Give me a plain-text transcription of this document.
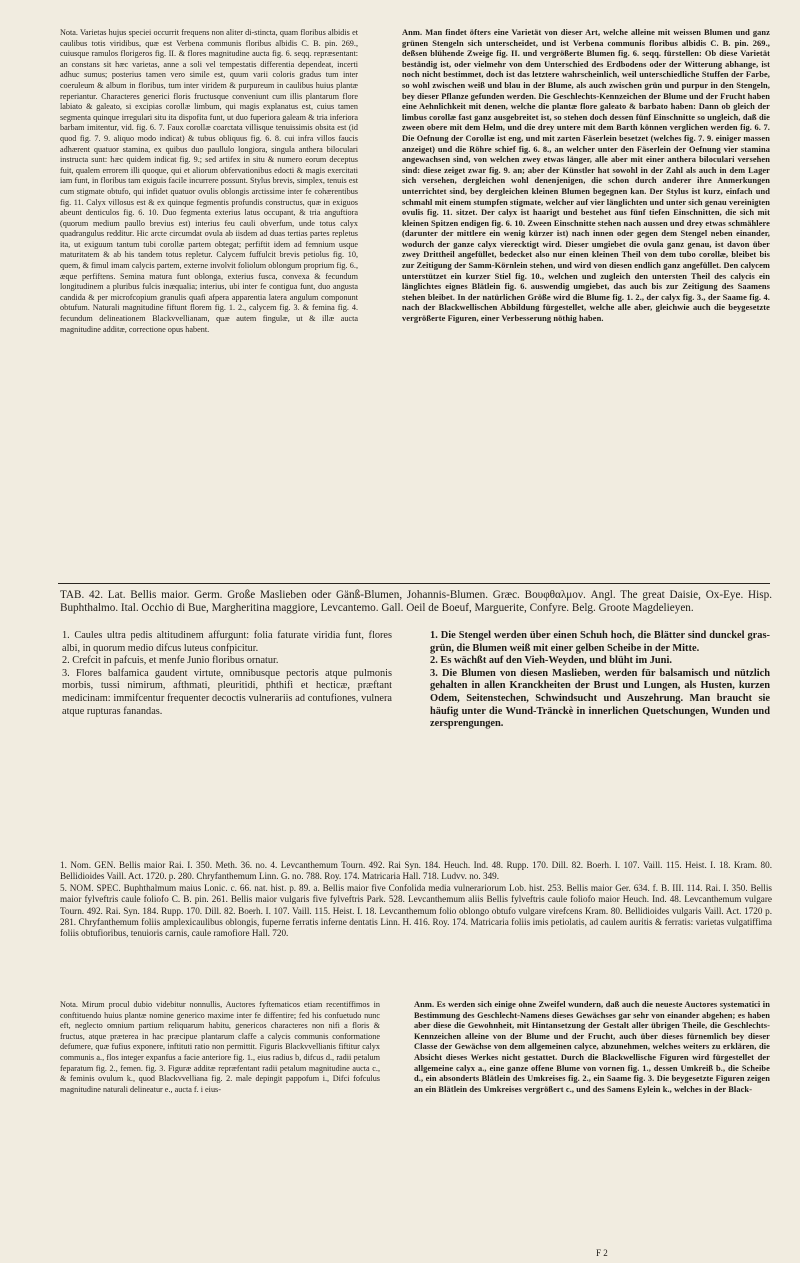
Nota. Varietas hujus speciei occurrit frequens non aliter di-stincta, quam floribus albidis et caulibus totis viridibus, quæ est Verbena communis floribus albidis C. B. pin. 269., cuiusque ramulos florigeros fig. II. & flores magnitudine aucta fig. 6. seqq. repræsentant: an constans sit hæc varietas, anne a soli vel tempestatis differentia dependeat, incerti adhuc sumus; posterius tamen vero simile est, quum varii coloris gradus tum inter coeruleum & album in floribus, tum inter viridem & purpureum in caulibus huius plantæ reperiantur. Characteres generici floris fructusque conveniunt cum illis plantarum flore labiato & galeato, si excipias corollæ limbum, qui magis explanatus est, cuius tamen segmenta quinque irregulari situ ita dispofita funt, ut duo fuperiora galeam & tria inferiora barbam imitentur, vid. fig. 6. 7. Faux corollæ coarctata villisque tenuissimis obsita est (id quod fig. 7. 9. aliquo modo indicat) & tubus obliquus fig. 6. 8. cui infra villos faucis adhærent quatuor stamina, ex quibus duo paullulo longiora, singula anthera biloculari instructa sunt: hæc quidem indicat fig. 9.; sed artifex in situ & numero eorum deceptus fuit, qualem errorem illi quoque, qui et aliorum obfervationibus edocti & magis exercitati iam funt, in floribus tam exiguis facile incurrere possunt. Stylus brevis, simplex, tenuis est cum stigmate obtufo, qui infidet quatuor ovulis oblongis arctissime inter fe cohærentibus fig. 11. Calyx villosus est & ex quinque fegmentis profundis constructus, quæ in exiguos abeunt denticulos fig. 6. 10. Duo fegmenta exterius latus occupant, & tria anguftiora (quorum medium paullo brevius est) interius feu cauli obverfum, unde totus calyx quadrangulus redditur. Hic arcte circumdat ovula ab iisdem ad duas tertias partes repletus ita, ut exiguum tantum tubi corollæ partem obtegat; perfiftit idem ad femnium usque maturitatem & ab his tandem totus repletur. Calycem fuffulcit brevis petiolus fig. 10, quem, & fimul imam calycis partem, externe involvit foliolum oblongum proprium fig. 6., æque perfiftens. Semina matura funt oblonga, exterius fusca, convexa & fecundum longitudinem a pluribus fulcis inæqualia; interius, ubi inter fe contigua funt, duo angusta candida & per microfcopium granulis quafi afpera apparentia latera angulum componunt obtufum. Naturali magnitudine fiftunt florem fig. 1. 2., calycem fig. 3. & femina fig. 4. fecundum delineationem Blackvvellianam, quæ autem fingulæ, ut & illæ aucta magnitudine additæ, correctione opus habent.

Anm. Man findet öfters eine Varietät von dieser Art, welche alleine mit weissen Blumen und ganz grünen Stengeln sich unterscheidet, und ist Verbena communis floribus albidis C. B. pin. 269., deßsen blühende Zweige fig. II. und vergrößerte Blumen fig. 6. seqq. fürstellen: Ob diese Varietät beständig ist, oder vielmehr von dem Unterschied des Erdbodens oder der Witterung abhange, ist noch nicht bestimmet, doch ist das letztere wahrscheinlich, weil unterschiedliche Stuffen der Farbe, so wohl zwischen weiß und blau in der Blume, als auch zwischen grün und purpur in den Stengeln, bey dieser Pflanze gefunden werden. Die Geschlechts-Kennzeichen der Blume und der Frucht haben eine Aehnlichkeit mit denen, welche die plantæ flore galeato & barbato haben: Dann ob gleich der limbus corollæ fast ganz ausgebreitet ist, so stehen doch dessen fünf Einschnitte so ungleich, daß die zween obere mit dem Helm, und die drey untere mit dem Barth können verglichen werden fig. 6. 7. Die Oefnung der Corollæ ist eng, und mit zarten Fäserlein besetzet (welches fig. 7. 9. einiger massen anzeiget) und die Röhre schief fig. 6. 8., an welcher unter den Fäserlein der Oefnung vier stamina angewachsen sind, von welchen zwey etwas länger, alle aber mit einer anthera biloculari versehen sind: diese zeiget zwar fig. 9. an; aber der Künstler hat sowohl in der Zahl als auch in dem Lager sich versehen, dergleichen wohl denenjenigen, die schon durch anderer ihre Anmerkungen unterrichtet sind, bey dergleichen kleinen Blumen begegnen kan. Der Stylus ist kurz, einfach und schmahl mit einem stumpfen stigmate, welcher auf vier länglichten und unter sich genau vereinigten ovulis fig. 11. sitzet. Der calyx ist haarigt und bestehet aus fünf tiefen Einschnitten, die sich mit kleinen Spitzen endigen fig. 6. 10. Zween Einschnitte stehen nach aussen und drey etwas schmählere (darunter der mittlere ein wenig kürzer ist) nach innen oder gegen dem Stengel neben einander, wodurch der ganze calyx vierecktigt wird. Dieser umgiebet die ovula ganz genau, ist davon über zwey Drittheil angefüllet, bedecket also nur einen kleinen Theil von dem tubo corollæ, bleibet bis zur Zeitigung der Samm-Körnlein stehen, und wird von diesen endlich ganz angefüllet. Den calycem unterstützet ein kurzer Stiel fig. 10., welchen und zugleich den untersten Theil des calycis ein länglichtes eignes Blätlein fig. 6. auswendig umgiebet, das auch bis zur Zeitigung des Saamens stehen bleibet. In der natürlichen Größe wird die Blume fig. 1. 2., der calyx fig. 3., der Saame fig. 4. nach der Blackwellischen Abbildung fürgestellet, welche alle aber, gleichwie auch die beygesetzte vergrößerte Figuren, einer Verbesserung nöthig haben.

TAB. 42. Lat. Bellis maior. Germ. Große Maslieben oder Gänß-Blumen, Johannis-Blumen. Græc. Βουφθαλμον. Angl. The great Daisie, Ox-Eye. Hisp. Buphthalmo. Ital. Occhio di Bue, Margheritina maggiore, Levcantemo. Gall. Oeil de Boeuf, Marguerite, Confyre. Belg. Groote Magdelieyen.

1. Caules ultra pedis altitudinem affurgunt: folia faturate viridia funt, flores albi, in quorum medio difcus luteus confpicitur.

2. Crefcit in pafcuis, et menfe Junio floribus ornatur.

3. Flores balfamica gaudent virtute, omnibusque pectoris atque pulmonis morbis, tussi nimirum, afthmati, pleuritidi, phthifi et hecticæ, præftant medicinam: immifcentur frequenter decoctis vulnerariis ad contufiones, vulnera atque rupturas fanandas.

1. Die Stengel werden über einen Schuh hoch, die Blätter sind dunckel gras-grün, die Blumen weiß mit einer gelben Scheibe in der Mitte.

2. Es wächßt auf den Vieh-Weyden, und blüht im Juni.

3. Die Blumen von diesen Maslieben, werden für balsamisch und nützlich gehalten in allen Kranckheiten der Brust und Lungen, als Husten, kurzen Odem, Seitenstechen, Schwindsucht und Auszehrung. Man braucht sie häufig unter die Wund-Tränckè in innerlichen Quetschungen, Wunden und zersprengungen.

1. Nom. GEN. Bellis maior Rai. I. 350. Meth. 36. no. 4. Levcanthemum Tourn. 492. Rai Syn. 184. Heuch. Ind. 48. Rupp. 170. Dill. 82. Boerh. I. 107. Vaill. 115. Heist. I. 18. Kram. 80. Bellidioides Vaill. Act. 1720. p. 280. Chryfanthemum Linn. G. no. 788. Roy. 174. Matricaria Hall. 718. Ludvv. no. 349.

5. NOM. SPEC. Buphthalmum maius Lonic. c. 66. nat. hist. p. 89. a. Bellis maior five Confolida media vulnerariorum Lob. hist. 253. Bellis maior Ger. 634. f. B. III. 114. Rai. I. 350. Bellis maior fylveftris caule foliofo C. B. pin. 261. Bellis maior vulgaris five fylveftris Park. 528. Levcanthemum aliis Bellis fylveftris caule foliofo maior Heuch. Ind. 48. Levcanthemum vulgare Tourn. 492. Rai. Syn. 184. Rupp. 170. Dill. 82. Boerh. I. 107. Vaill. 115. Heist. I. 18. Levcanthemum folio oblongo obtufo vulgare virefcens Kram. 80. Bellidioides vulgaris Vaill. Act. 1720 p. 281. Chryfanthemum foliis amplexicaulibus oblongis, fuperne ferratis inferne dentatis Linn. H. 416. Roy. 174. Matricaria foliis imis petiolatis, ad caulem auritis & ferratis: varietas vulgatiffima foliis obtufioribus, tenuioris carnis, caule ramofiore Hall. 720.

Nota. Mirum procul dubio videbitur nonnullis, Auctores fyftematicos etiam recentiffimos in conftituendo huius plantæ nomine generico maxime inter fe diffentire; fed his confuetudo nunc eft, neglecto omnium partium reliquarum habitu, genericos characteres non nifi a floris & fructus, atque præterea in hac præcipue plantarum claffe a calycis communis conformatione defumere, quæ fufius exponere, inftituti ratio non permittit. Figuris Blackvvellianis fiftitur calyx communis a., flos integer expanfus a facie anteriore fig. 1., eius radius b, difcus d., radii petalum feparatum fig. 2., femen. fig. 3. Figuræ additæ repræfentant radii petalum magnitudine aucta c., & feminis ovulum k., quod Blackvvelliana fig. 2. male depingit pappofum i., Difci fofculus magnitudine naturali delineatur e., aucta f. i eius-

Anm. Es werden sich einige ohne Zweifel wundern, daß auch die neueste Auctores systematici in Bestimmung des Geschlecht-Namens dieses Gewächses gar sehr von einander abgehen; es haben aber diese die Gewohnheit, mit Hintansetzung der Gestalt aller übrigen Theile, die Geschlechts-Kennzeichen alleine von der Blume und der Frucht, auch über dieses fürnemlich bey dieser Classe der Gewächse von dem allgemeinen calyce, abzunehmen, welches weiters zu erklären, die Absicht dieses Werkes nicht gestattet. Durch die Blackwellische Figuren wird fürgestellet der allgemeine calyx a., eine ganze offene Blume von vornen fig. 1., dessen Umkreiß b., die Scheibe d., ein absonderts Blätlein des Umkreises fig. 2., ein Saame fig. 3. Die beygesetzte Figuren zeigen an ein Blätlein des Umkreises vergrößert c., und des Samens Eylein k., welches in der Black-

F 2
